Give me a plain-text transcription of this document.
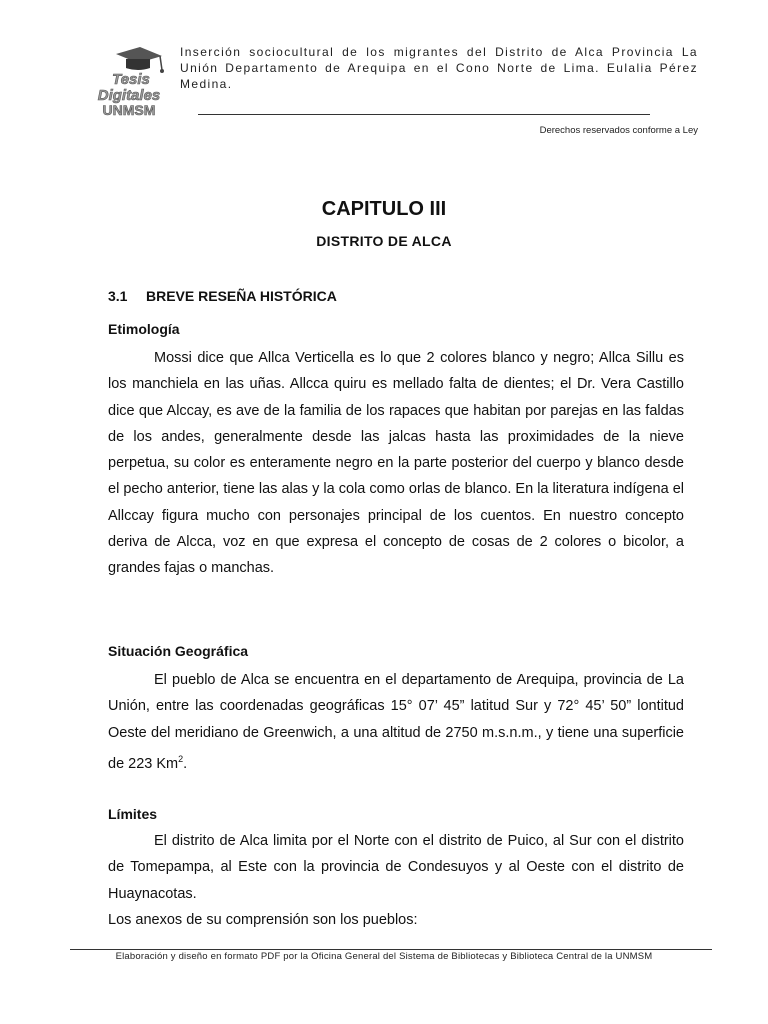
Tesis
Digitales
UNMSM
Inserción sociocultural de los migrantes del Distrito de Alca Provincia La Unión Departamento de Arequipa en el Cono Norte de Lima. Eulalia Pérez Medina.
Derechos reservados conforme a Ley
CAPITULO III
DISTRITO DE ALCA
3.1 BREVE RESEÑA HISTÓRICA
Etimología

Mossi dice que Allca Verticella es lo que 2 colores blanco y negro; Allca Sillu es los manchiela en las uñas. Allcca quiru es mellado falta de dientes; el Dr. Vera Castillo dice que Alccay, es ave de la familia de los rapaces que habitan por parejas en las faldas de los andes, generalmente desde las jalcas hasta las proximidades de la nieve perpetua, su color es enteramente negro en la parte posterior del cuerpo y blanco desde el pecho anterior, tiene las alas y la cola como orlas de blanco. En la literatura indígena el Allccay figura mucho con personajes principal de los cuentos. En nuestro concepto deriva de Alcca, voz en que expresa el concepto de cosas de 2 colores o bicolor, a grandes fajas o manchas.

Situación Geográfica

El pueblo de Alca se encuentra en el departamento de Arequipa, provincia de La Unión, entre las coordenadas geográficas 15° 07’ 45” latitud Sur y 72° 45’ 50” lontitud Oeste del meridiano de Greenwich, a una altitud de 2750 m.s.n.m., y tiene una superficie de 223 Km$^2$.

Límites

El distrito de Alca limita por el Norte con el distrito de Puico, al Sur con el distrito de Tomepampa, al Este con la provincia de Condesuyos y al Oeste con el distrito de Huaynacotas.

Los anexos de su comprensión son los pueblos:

Elaboración y diseño en formato PDF por la Oficina General del Sistema de Bibliotecas y Biblioteca Central de la UNMSM
